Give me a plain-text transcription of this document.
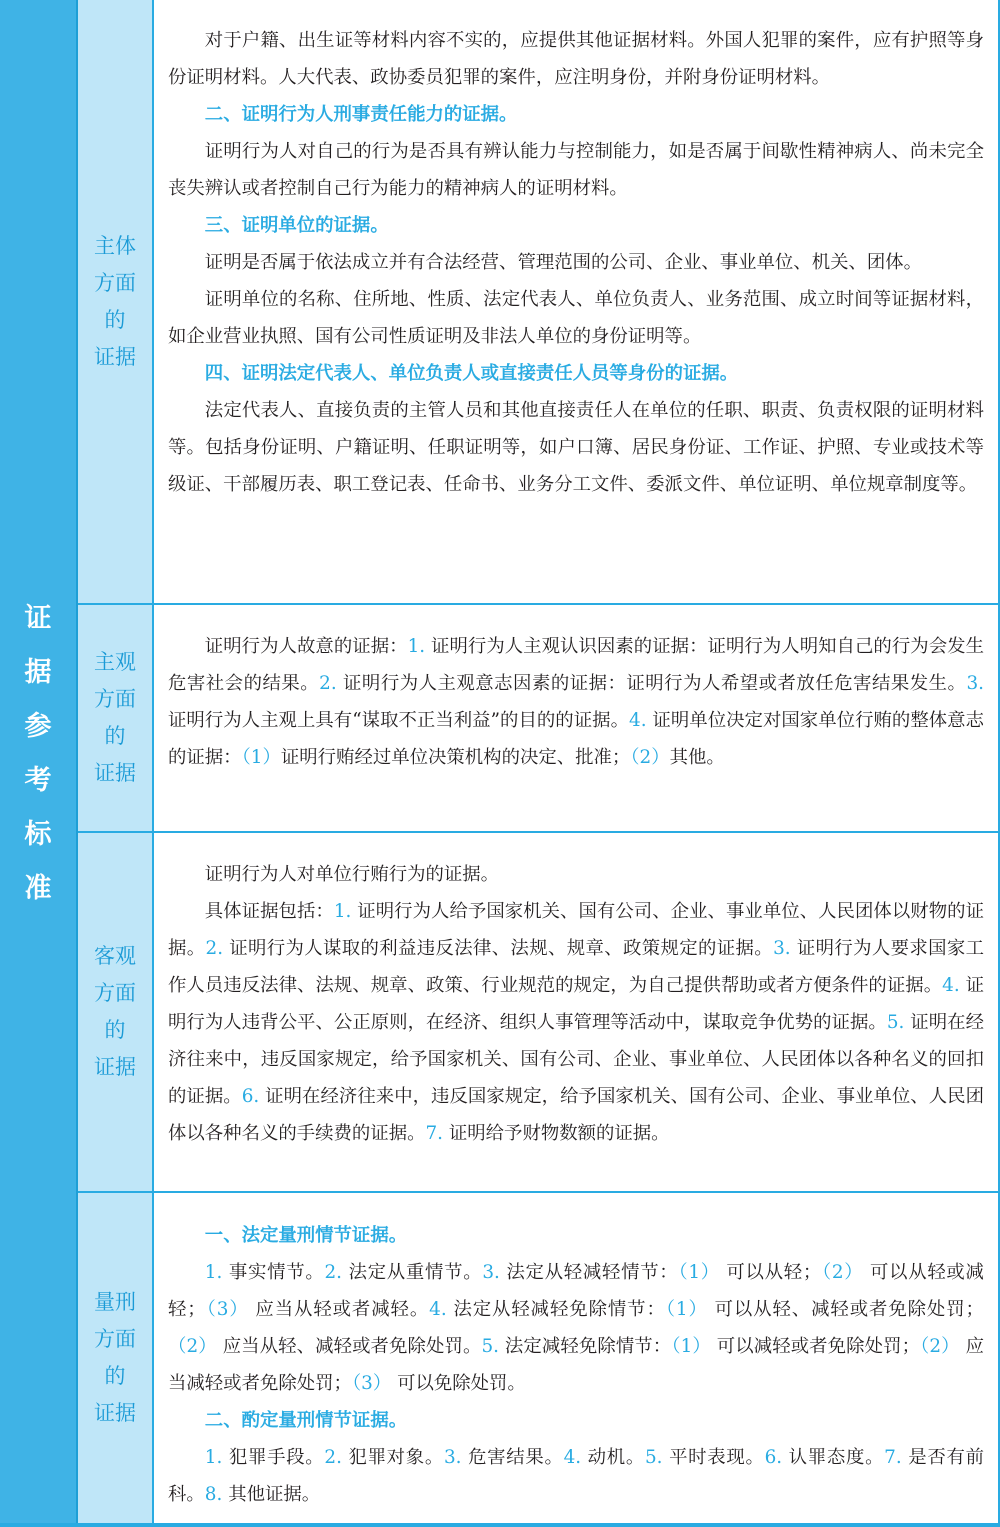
证
据
参
考
标
准
主体
方面
的
证据

对于户籍、出生证等材料内容不实的，应提供其他证据材料。外国人犯罪的案件，应有护照等身份证明材料。人大代表、政协委员犯罪的案件，应注明身份，并附身份证明材料。

二、证明行为人刑事责任能力的证据。

证明行为人对自己的行为是否具有辨认能力与控制能力，如是否属于间歇性精神病人、尚未完全丧失辨认或者控制自己行为能力的精神病人的证明材料。

三、证明单位的证据。

证明是否属于依法成立并有合法经营、管理范围的公司、企业、事业单位、机关、团体。

证明单位的名称、住所地、性质、法定代表人、单位负责人、业务范围、成立时间等证据材料，如企业营业执照、国有公司性质证明及非法人单位的身份证明等。

四、证明法定代表人、单位负责人或直接责任人员等身份的证据。

法定代表人、直接负责的主管人员和其他直接责任人在单位的任职、职责、负责权限的证明材料等。包括身份证明、户籍证明、任职证明等，如户口簿、居民身份证、工作证、护照、专业或技术等级证、干部履历表、职工登记表、任命书、业务分工文件、委派文件、单位证明、单位规章制度等。

主观
方面
的
证据

证明行为人故意的证据：1. 证明行为人主观认识因素的证据：证明行为人明知自己的行为会发生危害社会的结果。2. 证明行为人主观意志因素的证据：证明行为人希望或者放任危害结果发生。3. 证明行为人主观上具有“谋取不正当利益”的目的的证据。4. 证明单位决定对国家单位行贿的整体意志的证据：（1）证明行贿经过单位决策机构的决定、批准；（2）其他。

客观
方面
的
证据

证明行为人对单位行贿行为的证据。

具体证据包括：1. 证明行为人给予国家机关、国有公司、企业、事业单位、人民团体以财物的证据。2. 证明行为人谋取的利益违反法律、法规、规章、政策规定的证据。3. 证明行为人要求国家工作人员违反法律、法规、规章、政策、行业规范的规定，为自己提供帮助或者方便条件的证据。4. 证明行为人违背公平、公正原则，在经济、组织人事管理等活动中，谋取竞争优势的证据。5. 证明在经济往来中，违反国家规定，给予国家机关、国有公司、企业、事业单位、人民团体以各种名义的回扣的证据。6. 证明在经济往来中，违反国家规定，给予国家机关、国有公司、企业、事业单位、人民团体以各种名义的手续费的证据。7. 证明给予财物数额的证据。

量刑
方面
的
证据

一、法定量刑情节证据。

1. 事实情节。2. 法定从重情节。3. 法定从轻减轻情节：（1） 可以从轻；（2） 可以从轻或减轻；（3） 应当从轻或者减轻。4. 法定从轻减轻免除情节：（1） 可以从轻、减轻或者免除处罚； （2） 应当从轻、减轻或者免除处罚。5. 法定减轻免除情节：（1） 可以减轻或者免除处罚；（2） 应当减轻或者免除处罚；（3） 可以免除处罚。

二、酌定量刑情节证据。

1. 犯罪手段。2. 犯罪对象。3. 危害结果。4. 动机。5. 平时表现。6. 认罪态度。7. 是否有前科。8. 其他证据。
